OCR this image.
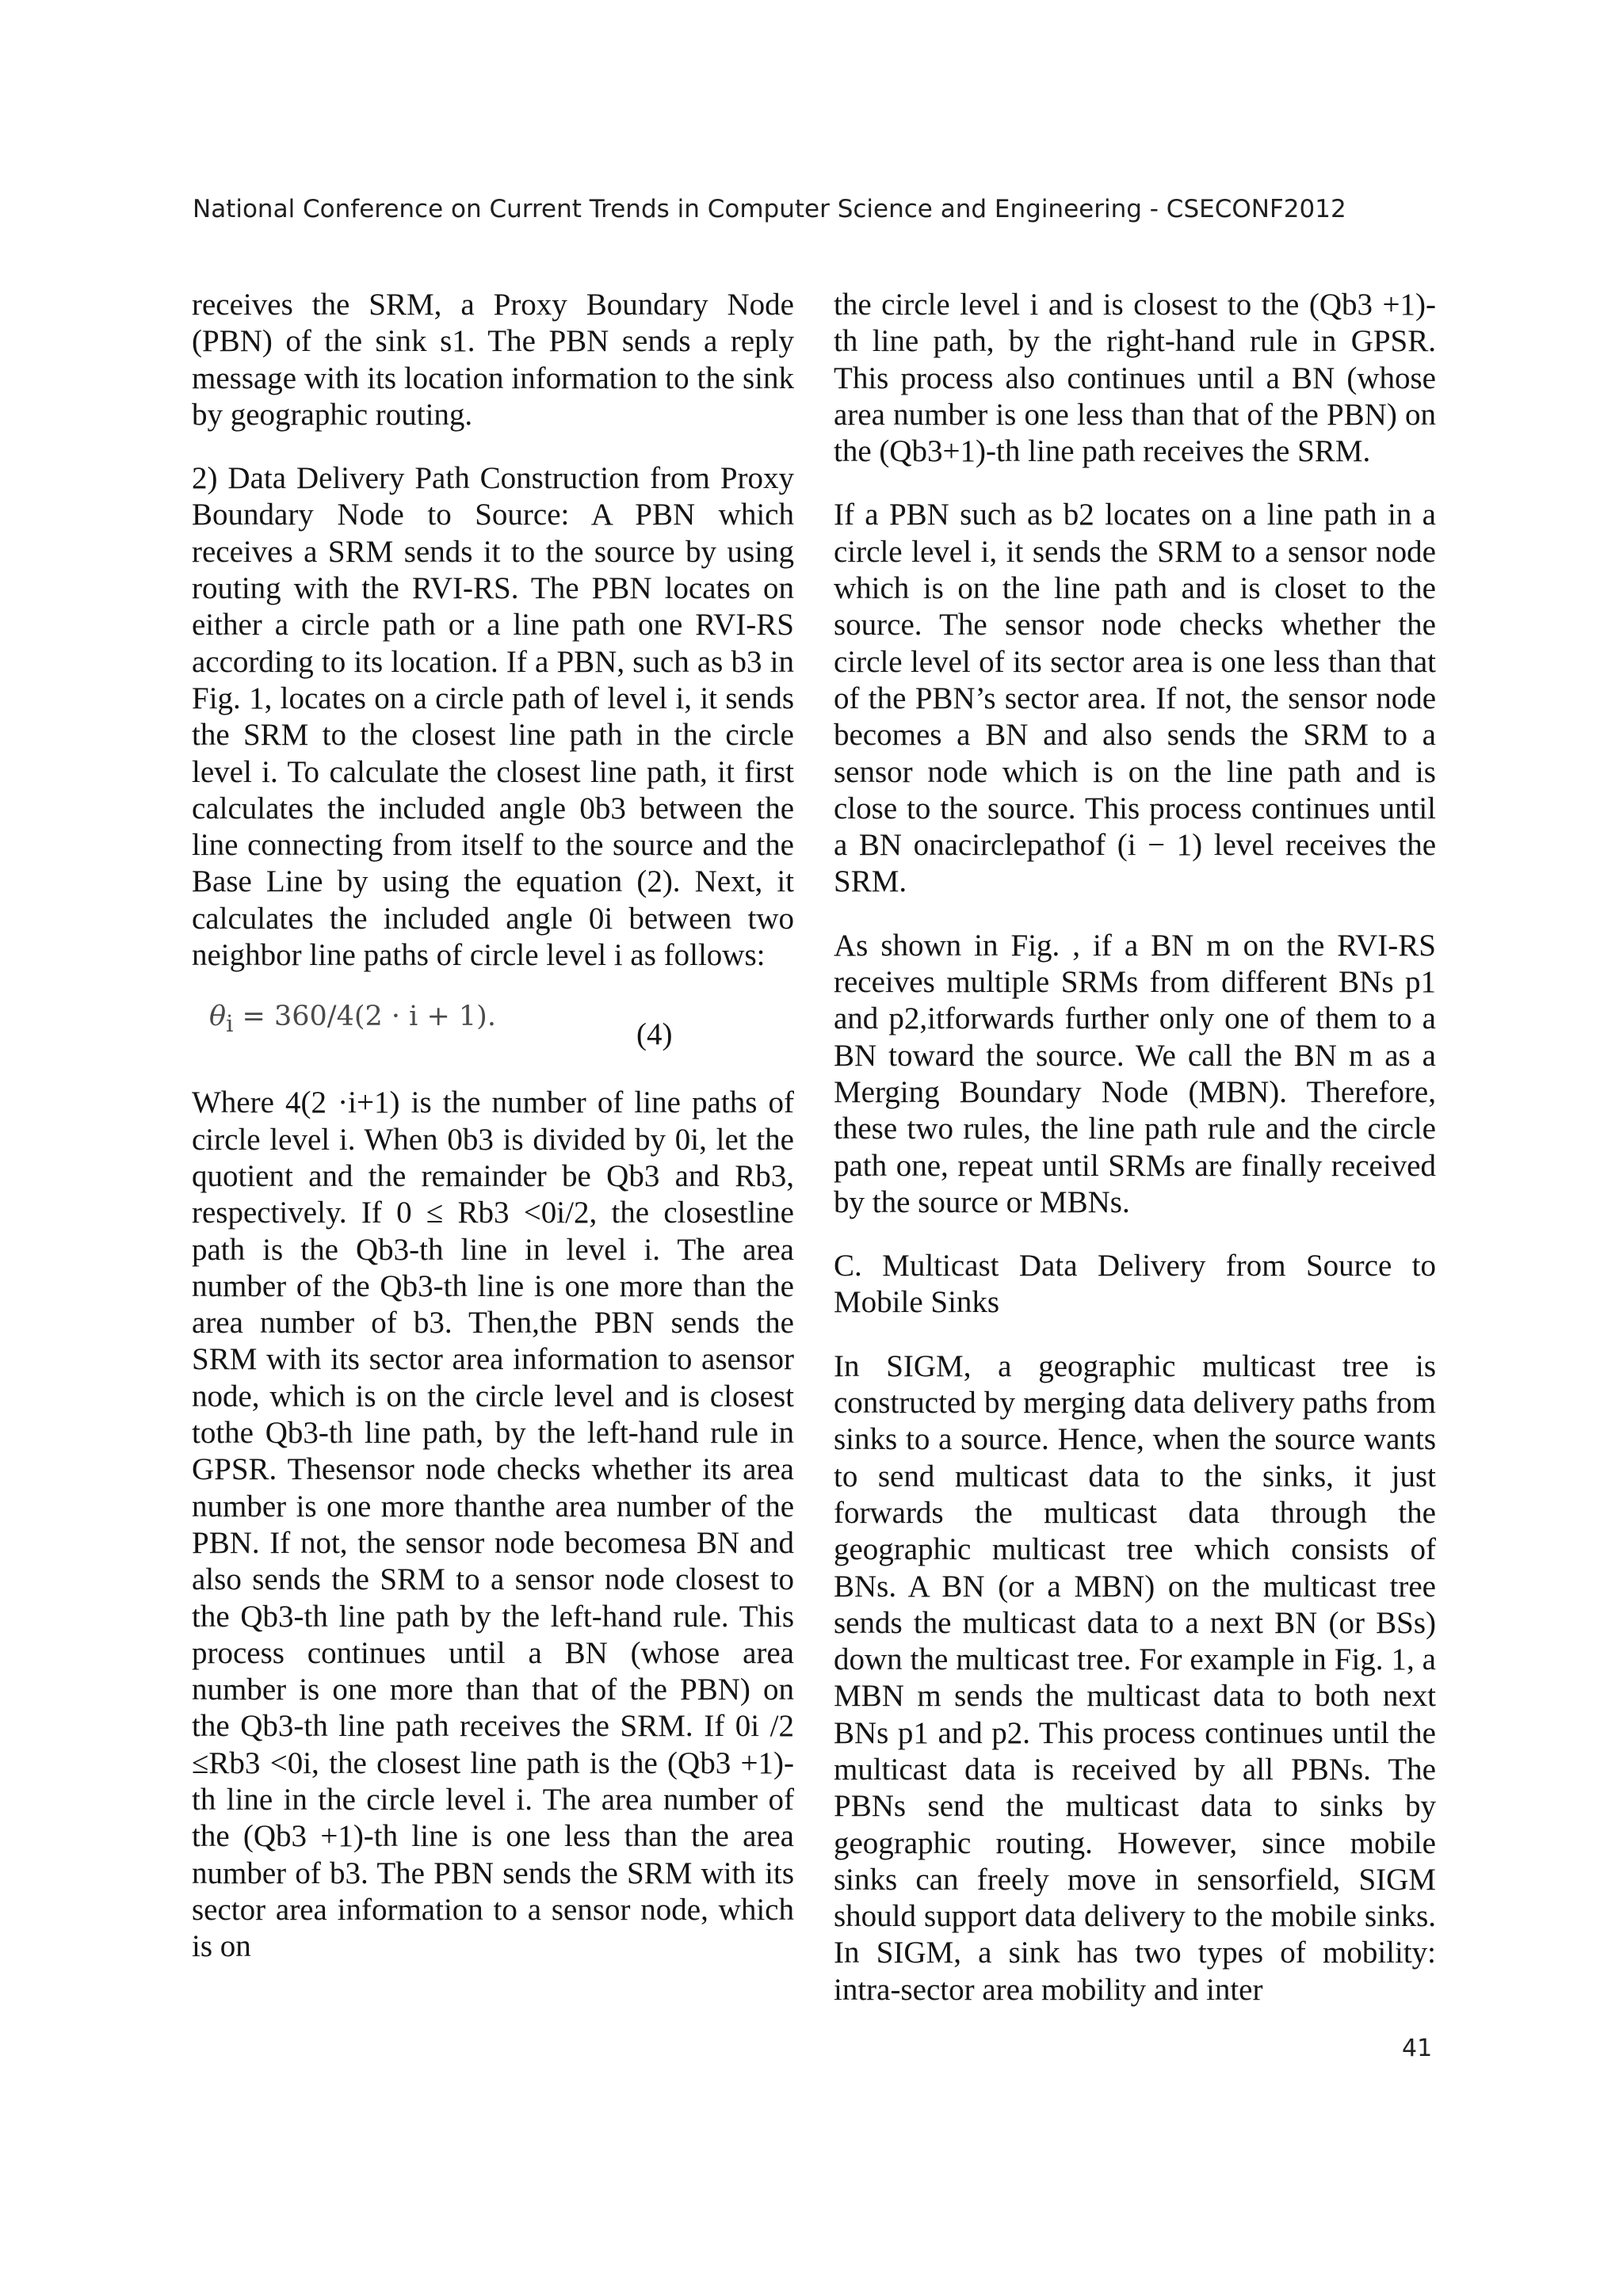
National Conference on Current Trends in Computer Science and Engineering - CSECONF2012

receives the SRM, a Proxy Boundary Node (PBN) of the sink s1. The PBN sends a reply message with its location information to the sink by geographic routing.

2) Data Delivery Path Construction from Proxy Boundary Node to Source: A PBN which receives a SRM sends it to the source by using routing with the RVI-RS. The PBN locates on either a circle path or a line path one RVI-RS according to its location. If a PBN, such as b3 in Fig. 1, locates on a circle path of level i, it sends the SRM to the closest line path in the circle level i. To calculate the closest line path, it first calculates the included angle 0b3 between the line connecting from itself to the source and the Base Line by using the equation (2). Next, it calculates the included angle 0i between two neighbor line paths of circle level i as follows:

$\theta_i = 360/4(2 \cdot i + 1)$.
(4)

Where 4(2 ·i+1) is the number of line paths of circle level i. When 0b3 is divided by 0i, let the quotient and the remainder be Qb3 and Rb3, respectively. If 0 ≤ Rb3 <0i/2, the closestline path is the Qb3-th line in level i. The area number of the Qb3-th line is one more than the area number of b3. Then,the PBN sends the SRM with its sector area information to asensor node, which is on the circle level and is closest tothe Qb3-th line path, by the left-hand rule in GPSR. Thesensor node checks whether its area number is one more thanthe area number of the PBN. If not, the sensor node becomesa BN and also sends the SRM to a sensor node closest to the Qb3-th line path by the left-hand rule. This process continues until a BN (whose area number is one more than that of the PBN) on the Qb3-th line path receives the SRM. If 0i /2 ≤Rb3 <0i, the closest line path is the (Qb3 +1)-th line in the circle level i. The area number of the (Qb3 +1)-th line is one less than the area number of b3. The PBN sends the SRM with its sector area information to a sensor node, which is on

the circle level i and is closest to the (Qb3 +1)-th line path, by the right-hand rule in GPSR. This process also continues until a BN (whose area number is one less than that of the PBN) on the (Qb3+1)-th line path receives the SRM.

If a PBN such as b2 locates on a line path in a circle level i, it sends the SRM to a sensor node which is on the line path and is closet to the source. The sensor node checks whether the circle level of its sector area is one less than that of the PBN’s sector area. If not, the sensor node becomes a BN and also sends the SRM to a sensor node which is on the line path and is close to the source. This process continues until a BN onacirclepathof (i − 1) level receives the SRM.

As shown in Fig. , if a BN m on the RVI-RS receives multiple SRMs from different BNs p1 and p2,itforwards further only one of them to a BN toward the source. We call the BN m as a Merging Boundary Node (MBN). Therefore, these two rules, the line path rule and the circle path one, repeat until SRMs are finally received by the source or MBNs.

C. Multicast Data Delivery from Source to Mobile Sinks

In SIGM, a geographic multicast tree is constructed by merging data delivery paths from sinks to a source. Hence, when the source wants to send multicast data to the sinks, it just forwards the multicast data through the geographic multicast tree which consists of BNs. A BN (or a MBN) on the multicast tree sends the multicast data to a next BN (or BSs) down the multicast tree. For example in Fig. 1, a MBN m sends the multicast data to both next BNs p1 and p2. This process continues until the multicast data is received by all PBNs. The PBNs send the multicast data to sinks by geographic routing. However, since mobile sinks can freely move in sensorfield, SIGM should support data delivery to the mobile sinks. In SIGM, a sink has two types of mobility: intra-sector area mobility and inter

41
